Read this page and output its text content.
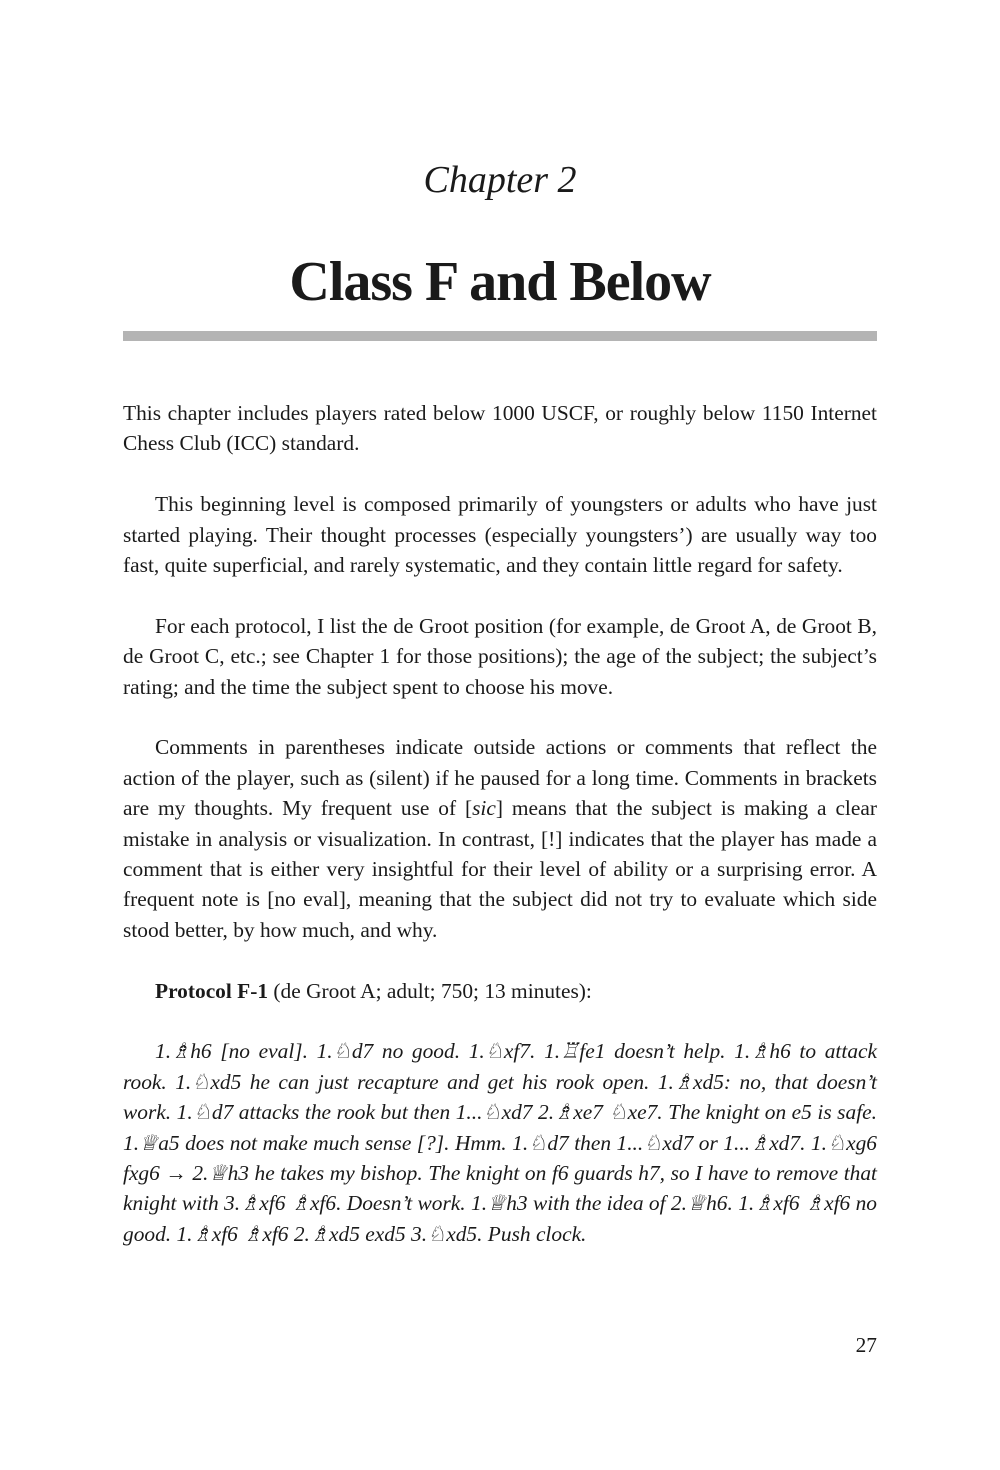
Chapter 2
Class F and Below

This chapter includes players rated below 1000 USCF, or roughly below 1150 Internet Chess Club (ICC) standard.

This beginning level is composed primarily of youngsters or adults who have just started playing. Their thought processes (especially youngsters’) are usually way too fast, quite superficial, and rarely systematic, and they contain little regard for safety.

For each protocol, I list the de Groot position (for example, de Groot A, de Groot B, de Groot C, etc.; see Chapter 1 for those positions); the age of the subject; the subject’s rating; and the time the subject spent to choose his move.

Comments in parentheses indicate outside actions or comments that reflect the action of the player, such as (silent) if he paused for a long time. Comments in brackets are my thoughts. My frequent use of [sic] means that the subject is making a clear mistake in analysis or visualization. In contrast, [!] indicates that the player has made a comment that is either very insightful for their level of ability or a surprising error. A frequent note is [no eval], meaning that the subject did not try to evaluate which side stood better, by how much, and why.

Protocol F-1 (de Groot A; adult; 750; 13 minutes):

1.♗h6 [no eval]. 1.♘d7 no good. 1.♘xf7. 1.♖fe1 doesn’t help. 1.♗h6 to attack rook. 1.♘xd5 he can just recapture and get his rook open. 1.♗xd5: no, that doesn’t work. 1.♘d7 attacks the rook but then 1...♘xd7 2.♗xe7 ♘xe7. The knight on e5 is safe. 1.♕a5 does not make much sense [?]. Hmm. 1.♘d7 then 1...♘xd7 or 1...♗xd7. 1.♘xg6 fxg6 → 2.♕h3 he takes my bishop. The knight on f6 guards h7, so I have to remove that knight with 3.♗xf6 ♗xf6. Doesn’t work. 1.♕h3 with the idea of 2.♕h6. 1.♗xf6 ♗xf6 no good. 1.♗xf6 ♗xf6 2.♗xd5 exd5 3.♘xd5. Push clock.

27
